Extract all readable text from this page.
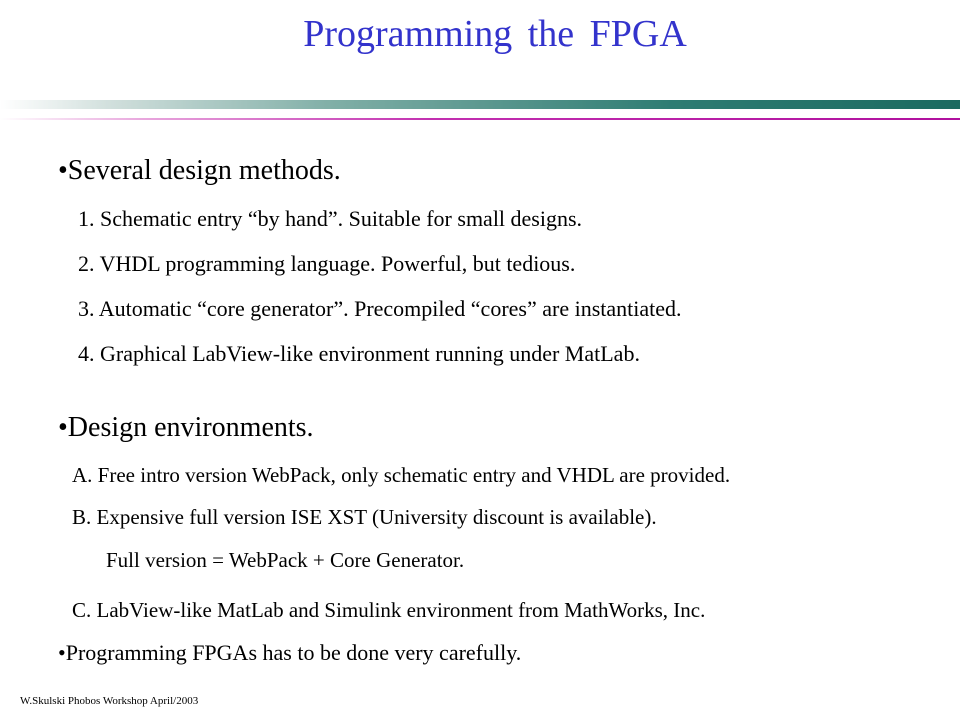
Programming the FPGA
•Several design methods.
1. Schematic entry “by hand”. Suitable for small designs.
2. VHDL programming language. Powerful, but tedious.
3. Automatic “core generator”. Precompiled “cores” are instantiated.
4. Graphical LabView-like environment running under MatLab.
•Design environments.
A. Free intro version WebPack, only schematic entry and VHDL are provided.
B. Expensive full version ISE XST (University discount is available).
Full version = WebPack + Core Generator.
C. LabView-like MatLab and Simulink environment from MathWorks, Inc.
•Programming FPGAs has to be done very carefully.
W.Skulski Phobos Workshop April/2003
